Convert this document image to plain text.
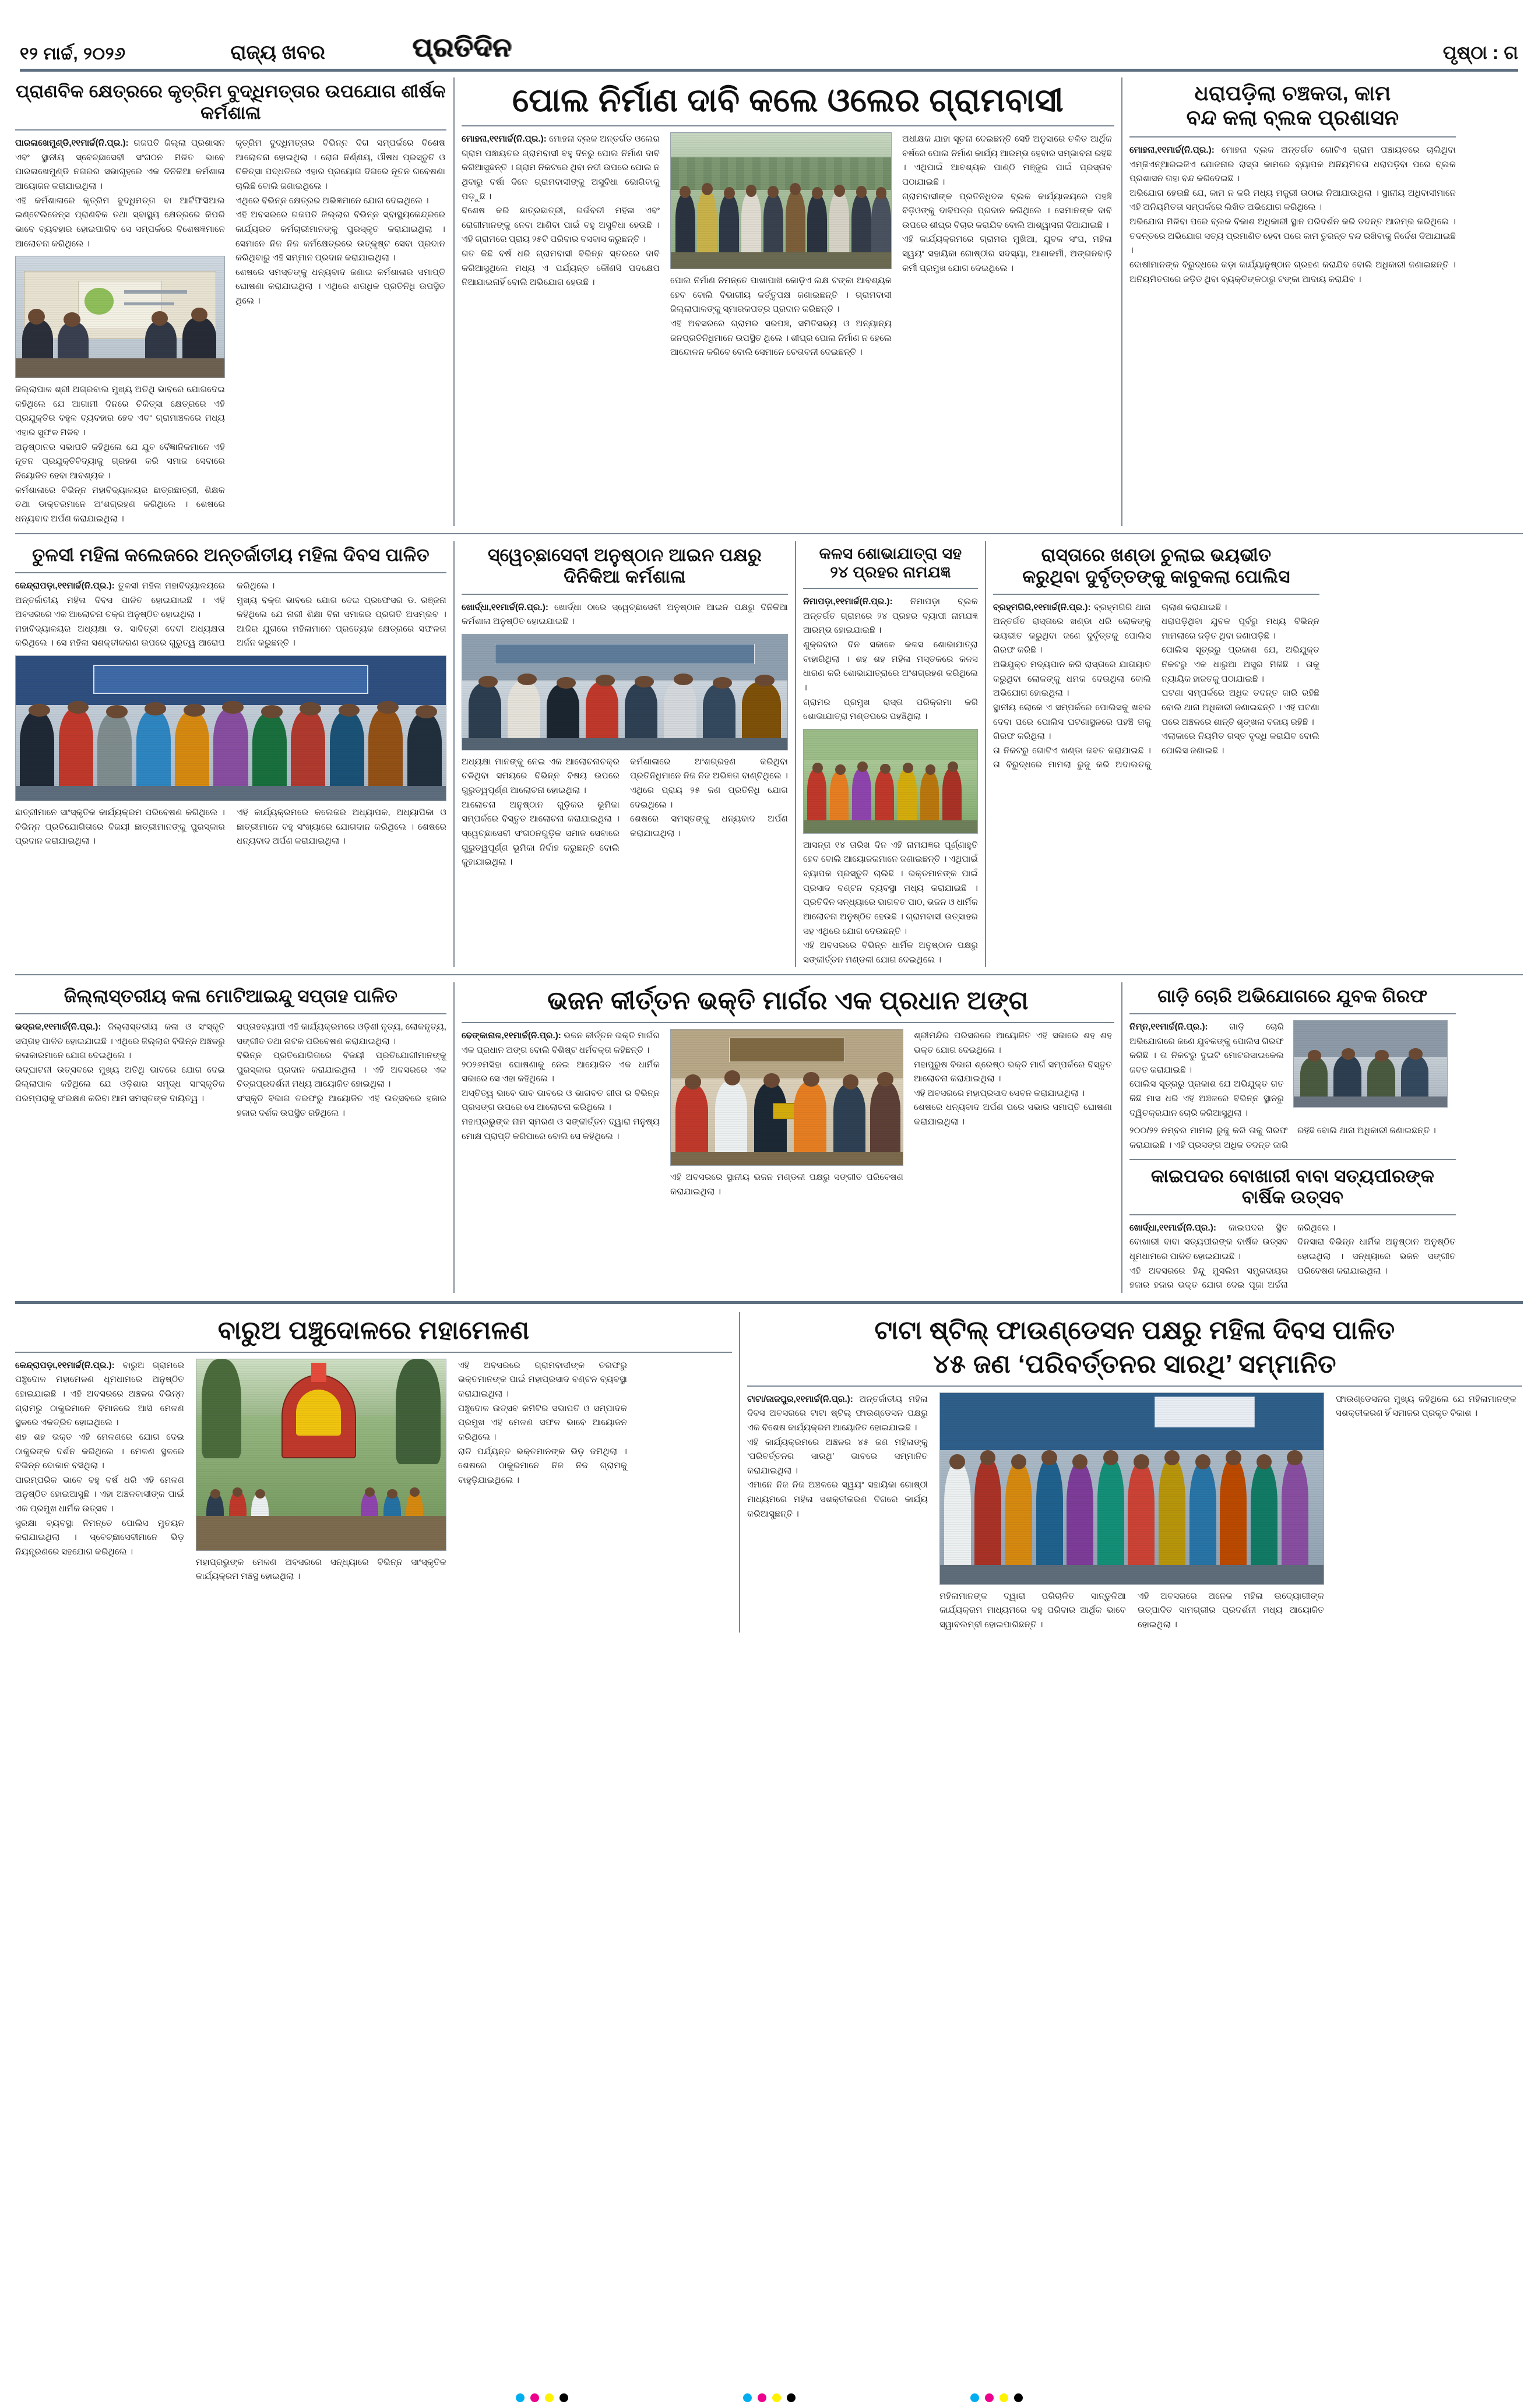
୧୨ ମାର୍ଚ୍ଚ, ୨୦୨୬	ରାଜ୍ୟ ଖବର	ପ୍ରତିଦିନ	ପୃଷ୍ଠା : ଗ
ପ୍ରାଣବିକ କ୍ଷେତ୍ରରେ କୃତ୍ରିମ ବୁଦ୍ଧିମତ୍ତାର ଉପଯୋଗ ଶୀର୍ଷକ କର୍ମଶାଳା

ପାରଳାଖେମୁଣ୍ଡି,୧୧ମାର୍ଚ୍ଚ(ନି.ପ୍ର.): ଗଜପତି ଜିଲ୍ଲା ପ୍ରଶାସନ ଏବଂ ସ୍ଥାନୀୟ ସ୍ବେଚ୍ଛାସେବୀ ସଂଗଠନ ମିଳିତ ଭାବେ ପାରଳାଖେମୁଣ୍ଡି ନଗରର ସଭାଗୃହରେ ଏକ ଦିନିକିଆ କର୍ମଶାଳା ଆୟୋଜନ କରାଯାଇଥିଲା ।

ଏହି କର୍ମଶାଳାରେ କୃତ୍ରିମ ବୁଦ୍ଧିମତ୍ତା ବା ଆର୍ଟିଫିସିଆଲ ଇଣ୍ଟେଲିଜେନ୍ସ ପ୍ରାଣବିକ ତଥା ସ୍ବାସ୍ଥ୍ୟ କ୍ଷେତ୍ରରେ କିପରି ଭାବେ ବ୍ୟବହାର ହୋଇପାରିବ ସେ ସମ୍ପର୍କରେ ବିଶେଷଜ୍ଞମାନେ ଆଲୋଚନା କରିଥିଲେ ।

ଜିଲ୍ଲାପାଳ ଶ୍ରୀ ଅଗ୍ରବାଲ ମୁଖ୍ୟ ଅତିଥି ଭାବରେ ଯୋଗଦେଇ କହିଥିଲେ ଯେ ଆଗାମୀ ଦିନରେ ଚିକିତ୍ସା କ୍ଷେତ୍ରରେ ଏହି ପ୍ରଯୁକ୍ତିର ବହୁଳ ବ୍ୟବହାର ହେବ ଏବଂ ଗ୍ରାମାଞ୍ଚଳରେ ମଧ୍ୟ ଏହାର ସୁଫଳ ମିଳିବ ।

ଅନୁଷ୍ଠାନର ସଭାପତି କହିଥିଲେ ଯେ ଯୁବ ବୈଜ୍ଞାନିକମାନେ ଏହି ନୂତନ ପ୍ରଯୁକ୍ତିବିଦ୍ୟାକୁ ଗ୍ରହଣ କରି ସମାଜ ସେବାରେ ନିୟୋଜିତ ହେବା ଆବଶ୍ୟକ ।

କର୍ମଶାଳାରେ ବିଭିନ୍ନ ମହାବିଦ୍ୟାଳୟର ଛାତ୍ରଛାତ୍ରୀ, ଶିକ୍ଷକ ତଥା ଡାକ୍ତରମାନେ ଅଂଶଗ୍ରହଣ କରିଥିଲେ । ଶେଷରେ ଧନ୍ୟବାଦ ଅର୍ପଣ କରାଯାଇଥିଲା ।

କୃତ୍ରିମ ବୁଦ୍ଧିମତ୍ତାର ବିଭିନ୍ନ ଦିଗ ସମ୍ପର୍କରେ ବିଶେଷ ଆଲୋଚନା ହୋଇଥିଲା । ରୋଗ ନିର୍ଣ୍ଣୟ, ଔଷଧ ପ୍ରସ୍ତୁତି ଓ ଚିକିତ୍ସା ପଦ୍ଧତିରେ ଏହାର ପ୍ରୟୋଗ ଦିଗରେ ନୂତନ ଗବେଷଣା ଚାଲିଛି ବୋଲି ଜଣାଇଥିଲେ ।

ଏଥିରେ ବିଭିନ୍ନ କ୍ଷେତ୍ରର ଅଭିଜ୍ଞମାନେ ଯୋଗ ଦେଇଥିଲେ ।

ଏହି ଅବସରରେ ଗଜପତି ଜିଲ୍ଲାର ବିଭିନ୍ନ ସ୍ବାସ୍ଥ୍ୟକେନ୍ଦ୍ରରେ କାର୍ଯ୍ୟରତ କର୍ମଚାରୀମାନଙ୍କୁ ପୁରସ୍କୃତ କରାଯାଇଥିଲା । ସେମାନେ ନିଜ ନିଜ କର୍ମକ୍ଷେତ୍ରରେ ଉତ୍କୃଷ୍ଟ ସେବା ପ୍ରଦାନ କରିଥିବାରୁ ଏହି ସମ୍ମାନ ପ୍ରଦାନ କରାଯାଇଥିଲା ।

ଶେଷରେ ସମସ୍ତଙ୍କୁ ଧନ୍ୟବାଦ ଜଣାଇ କର୍ମଶାଳାର ସମାପ୍ତି ଘୋଷଣା କରାଯାଇଥିଲା । ଏଥିରେ ଶତାଧିକ ପ୍ରତିନିଧି ଉପସ୍ଥିତ ଥିଲେ ।

ପୋଲ ନିର୍ମାଣ ଦାବି କଲେ ଓଲେର ଗ୍ରାମବାସୀ

ମୋହନା,୧୧ମାର୍ଚ୍ଚ(ନି.ପ୍ର.): ମୋହନା ବ୍ଲକ ଅନ୍ତର୍ଗତ ଓଲେର ଗ୍ରାମ ପଞ୍ଚାୟତର ଗ୍ରାମବାସୀ ବହୁ ଦିନରୁ ପୋଲ ନିର୍ମାଣ ଦାବି କରିଆସୁଛନ୍ତି । ଗ୍ରାମ ନିକଟରେ ଥିବା ନଦୀ ଉପରେ ପୋଲ ନ ଥିବାରୁ ବର୍ଷା ଦିନେ ଗ୍ରାମବାସୀଙ୍କୁ ଅସୁବିଧା ଭୋଗିବାକୁ ପଡ଼ୁଛି ।

ବିଶେଷ କରି ଛାତ୍ରଛାତ୍ରୀ, ଗର୍ଭବତୀ ମହିଳା ଏବଂ ରୋଗୀମାନଙ୍କୁ ନେବା ଆଣିବା ପାଇଁ ବହୁ ଅସୁବିଧା ହେଉଛି । ଏହି ଗ୍ରାମରେ ପ୍ରାୟ ୨୫ଟି ପରିବାର ବସବାସ କରୁଛନ୍ତି ।

ଗତ କିଛି ବର୍ଷ ଧରି ଗ୍ରାମବାସୀ ବିଭିନ୍ନ ସ୍ତରରେ ଦାବି କରିଆସୁଥିଲେ ମଧ୍ୟ ଏ ପର୍ଯ୍ୟନ୍ତ କୌଣସି ପଦକ୍ଷେପ ନିଆଯାଇନାହିଁ ବୋଲି ଅଭିଯୋଗ ହେଉଛି ।	ପୋଲ ନିର୍ମାଣ ନିମନ୍ତେ ପାଖାପାଖି କୋଡ଼ିଏ ଲକ୍ଷ ଟଙ୍କା ଆବଶ୍ୟକ ହେବ ବୋଲି ବିଭାଗୀୟ କର୍ତ୍ତୃପକ୍ଷ ଜଣାଇଛନ୍ତି । ଗ୍ରାମବାସୀ ଜିଲ୍ଲାପାଳଙ୍କୁ ସ୍ମାରକପତ୍ର ପ୍ରଦାନ କରିଛନ୍ତି ।

ଏହି ଅବସରରେ ଗ୍ରାମର ସରପଞ୍ଚ, ସମିତିସଭ୍ୟ ଓ ଅନ୍ୟାନ୍ୟ ଜନପ୍ରତିନିଧିମାନେ ଉପସ୍ଥିତ ଥିଲେ । ଶୀଘ୍ର ପୋଲ ନିର୍ମାଣ ନ ହେଲେ ଆନ୍ଦୋଳନ କରିବେ ବୋଲି ସେମାନେ ଚେତାବନୀ ଦେଇଛନ୍ତି ।

ଅଧୀକ୍ଷକ ଯାହା ସୂଚନା ଦେଇଛନ୍ତି ସେହି ଅନୁସାରେ ଚଳିତ ଆର୍ଥିକ ବର୍ଷରେ ପୋଲ ନିର୍ମାଣ କାର୍ଯ୍ୟ ଆରମ୍ଭ ହେବାର ସମ୍ଭାବନା ରହିଛି । ଏଥିପାଇଁ ଆବଶ୍ୟକ ପାଣ୍ଠି ମଞ୍ଜୁର ପାଇଁ ପ୍ରସ୍ତାବ ପଠାଯାଇଛି ।

ଗ୍ରାମବାସୀଙ୍କ ପ୍ରତିନିଧିଦଳ ବ୍ଲକ କାର୍ଯ୍ୟାଳୟରେ ପହଞ୍ଚି ବିଡ଼ିଓଙ୍କୁ ଦାବିପତ୍ର ପ୍ରଦାନ କରିଥିଲେ । ସେମାନଙ୍କ ଦାବି ଉପରେ ଶୀଘ୍ର ବିଚାର କରାଯିବ ବୋଲି ଆଶ୍ୱାସନା ଦିଆଯାଇଛି ।

ଏହି କାର୍ଯ୍ୟକ୍ରମରେ ଗ୍ରାମର ମୁଖିଆ, ଯୁବକ ସଂଘ, ମହିଳା ସ୍ୱୟଂ ସହାୟିକା ଗୋଷ୍ଠୀର ସଦସ୍ୟା, ଆଶାକର୍ମୀ, ଅଙ୍ଗନବାଡ଼ି କର୍ମୀ ପ୍ରମୁଖ ଯୋଗ ଦେଇଥିଲେ ।

ଧରାପଡ଼ିଲା ଚଞ୍ଚକତା, କାମ
ବନ୍ଦ କଲା ବ୍ଲକ ପ୍ରଶାସନ

ମୋହନା,୧୧ମାର୍ଚ୍ଚ(ନି.ପ୍ର.): ମୋହନା ବ୍ଲକ ଅନ୍ତର୍ଗତ ଗୋଟିଏ ଗ୍ରାମ ପଞ୍ଚାୟତରେ ଚାଲିଥିବା ଏମ୍‌ଜିଏନ୍‌ଆରଇଜିଏ ଯୋଜନାର ରାସ୍ତା କାମରେ ବ୍ୟାପକ ଅନିୟମିତତା ଧରାପଡ଼ିବା ପରେ ବ୍ଲକ ପ୍ରଶାସନ ତାହା ବନ୍ଦ କରିଦେଇଛି ।

ଅଭିଯୋଗ ହେଉଛି ଯେ, କାମ ନ କରି ମଧ୍ୟ ମଜୁରୀ ଉଠାଇ ନିଆଯାଉଥିଲା । ସ୍ଥାନୀୟ ଅଧିବାସୀମାନେ ଏହି ଅନିୟମିତତା ସମ୍ପର୍କରେ ଲିଖିତ ଅଭିଯୋଗ କରିଥିଲେ ।

ଅଭିଯୋଗ ମିଳିବା ପରେ ବ୍ଲକ ବିକାଶ ଅଧିକାରୀ ସ୍ଥାନ ପରିଦର୍ଶନ କରି ତଦନ୍ତ ଆରମ୍ଭ କରିଥିଲେ । ତଦନ୍ତରେ ଅଭିଯୋଗ ସତ୍ୟ ପ୍ରମାଣିତ ହେବା ପରେ କାମ ତୁରନ୍ତ ବନ୍ଦ ରଖିବାକୁ ନିର୍ଦ୍ଦେଶ ଦିଆଯାଇଛି ।

ଦୋଷୀମାନଙ୍କ ବିରୁଦ୍ଧରେ କଡ଼ା କାର୍ଯ୍ୟାନୁଷ୍ଠାନ ଗ୍ରହଣ କରାଯିବ ବୋଲି ଅଧିକାରୀ ଜଣାଇଛନ୍ତି । ଅନିୟମିତତାରେ ଜଡ଼ିତ ଥିବା ବ୍ୟକ୍ତିଙ୍କଠାରୁ ଟଙ୍କା ଆଦାୟ କରାଯିବ ।

ତୁଳସୀ ମହିଳା କଲେଜରେ ଅନ୍ତର୍ଜାତୀୟ ମହିଳା ଦିବସ ପାଳିତ

କେନ୍ଦ୍ରାପଡ଼ା,୧୧ମାର୍ଚ୍ଚ(ନି.ପ୍ର.): ତୁଳସୀ ମହିଳା ମହାବିଦ୍ୟାଳୟରେ ଅନ୍ତର୍ଜାତୀୟ ମହିଳା ଦିବସ ପାଳିତ ହୋଇଯାଇଛି । ଏହି ଅବସରରେ ଏକ ଆଲୋଚନା ଚକ୍ର ଅନୁଷ୍ଠିତ ହୋଇଥିଲା ।

ମହାବିଦ୍ୟାଳୟର ଅଧ୍ୟକ୍ଷା ଡ. ସାବିତ୍ରୀ ଦେବୀ ଅଧ୍ୟକ୍ଷତା କରିଥିଲେ । ସେ ମହିଳା ସଶକ୍ତୀକରଣ ଉପରେ ଗୁରୁତ୍ୱ ଆରୋପ କରିଥିଲେ ।

ମୁଖ୍ୟ ବକ୍ତା ଭାବରେ ଯୋଗ ଦେଇ ପ୍ରଫେସର ଡ. ରଞ୍ଜନା କହିଥିଲେ ଯେ ନାରୀ ଶିକ୍ଷା ବିନା ସମାଜର ପ୍ରଗତି ଅସମ୍ଭବ । ଆଜିର ଯୁଗରେ ମହିଳାମାନେ ପ୍ରତ୍ୟେକ କ୍ଷେତ୍ରରେ ସଫଳତା ଅର୍ଜନ କରୁଛନ୍ତି ।

ଛାତ୍ରୀମାନେ ସାଂସ୍କୃତିକ କାର୍ଯ୍ୟକ୍ରମ ପରିବେଷଣ କରିଥିଲେ । ବିଭିନ୍ନ ପ୍ରତିଯୋଗିତାରେ ବିଜୟୀ ଛାତ୍ରୀମାନଙ୍କୁ ପୁରସ୍କାର ପ୍ରଦାନ କରାଯାଇଥିଲା ।

ଏହି କାର୍ଯ୍ୟକ୍ରମରେ କଲେଜର ଅଧ୍ୟାପକ, ଅଧ୍ୟାପିକା ଓ ଛାତ୍ରୀମାନେ ବହୁ ସଂଖ୍ୟାରେ ଯୋଗଦାନ କରିଥିଲେ । ଶେଷରେ ଧନ୍ୟବାଦ ଅର୍ପଣ କରାଯାଇଥିଲା ।

ସ୍ୱେଚ୍ଛାସେବୀ ଅନୁଷ୍ଠାନ ଆଇନ ପକ୍ଷରୁ ଦିନିକିଆ କର୍ମଶାଳା

ଖୋର୍ଦ୍ଧା,୧୧ମାର୍ଚ୍ଚ(ନି.ପ୍ର.): ଖୋର୍ଦ୍ଧା ଠାରେ ସ୍ୱେଚ୍ଛାସେବୀ ଅନୁଷ୍ଠାନ ଆଇନ ପକ୍ଷରୁ ଦିନିକିଆ କର୍ମଶାଳା ଅନୁଷ୍ଠିତ ହୋଇଯାଇଛି ।

ଅଧ୍ୟକ୍ଷା ମାନଙ୍କୁ ନେଇ ଏକ ଆଲୋଚନାଚକ୍ର ଚଳିଥିବା ସମୟରେ ବିଭିନ୍ନ ବିଷୟ ଉପରେ ଗୁରୁତ୍ୱପୂର୍ଣ୍ଣ ଆଲୋଚନା ହୋଇଥିଲା ।

ଆଲୋଚନା ଅନୁଷ୍ଠାନ ଗୁଡ଼ିକର ଭୂମିକା ସମ୍ପର୍କରେ ବିସ୍ତୃତ ଆଲୋଚନା କରାଯାଇଥିଲା । ସ୍ୱେଚ୍ଛାସେବୀ ସଂଗଠନଗୁଡ଼ିକ ସମାଜ ସେବାରେ ଗୁରୁତ୍ୱପୂର୍ଣ୍ଣ ଭୂମିକା ନିର୍ବାହ କରୁଛନ୍ତି ବୋଲି କୁହାଯାଇଥିଲା ।

କର୍ମଶାଳାରେ ଅଂଶଗ୍ରହଣ କରିଥିବା ପ୍ରତିନିଧିମାନେ ନିଜ ନିଜ ଅଭିଜ୍ଞତା ବାଣ୍ଟିଥିଲେ । ଏଥିରେ ପ୍ରାୟ ୨୫ ଜଣ ପ୍ରତିନିଧି ଯୋଗ ଦେଇଥିଲେ ।

ଶେଷରେ ସମସ୍ତଙ୍କୁ ଧନ୍ୟବାଦ ଅର୍ପଣ କରାଯାଇଥିଲା ।

କଳସ ଶୋଭାଯାତ୍ରା ସହ
୨୪ ପ୍ରହର ନାମଯଜ୍ଞ

ନିମାପଡ଼ା,୧୧ମାର୍ଚ୍ଚ(ନି.ପ୍ର.): ନିମାପଡ଼ା ବ୍ଲକ ଅନ୍ତର୍ଗତ ଗ୍ରାମରେ ୨୪ ପ୍ରହର ବ୍ୟାପୀ ନାମଯଜ୍ଞ ଆରମ୍ଭ ହୋଇଯାଇଛି ।

ଶୁକ୍ରବାର ଦିନ ସକାଳେ କଳସ ଶୋଭାଯାତ୍ରା ବାହାରିଥିଲା । ଶହ ଶହ ମହିଳା ମସ୍ତକରେ କଳସ ଧାରଣ କରି ଶୋଭାଯାତ୍ରାରେ ଅଂଶଗ୍ରହଣ କରିଥିଲେ ।

ଗ୍ରାମର ପ୍ରମୁଖ ରାସ୍ତା ପରିକ୍ରମା କରି ଶୋଭାଯାତ୍ରା ମଣ୍ଡପରେ ପହଞ୍ଚିଥିଲା ।

ଆସନ୍ତା ୧୪ ତାରିଖ ଦିନ ଏହି ନାମଯଜ୍ଞର ପୂର୍ଣ୍ଣାହୁତି ହେବ ବୋଲି ଆୟୋଜକମାନେ ଜଣାଇଛନ୍ତି । ଏଥିପାଇଁ ବ୍ୟାପକ ପ୍ରସ୍ତୁତି ଚାଲିଛି । ଭକ୍ତମାନଙ୍କ ପାଇଁ ପ୍ରସାଦ ବଣ୍ଟନ ବ୍ୟବସ୍ଥା ମଧ୍ୟ କରାଯାଇଛି । ପ୍ରତିଦିନ ସନ୍ଧ୍ୟାରେ ଭାଗବତ ପାଠ, ଭଜନ ଓ ଧାର୍ମିକ ଆଲୋଚନା ଅନୁଷ୍ଠିତ ହେଉଛି । ଗ୍ରାମବାସୀ ଉତ୍ସାହର ସହ ଏଥିରେ ଯୋଗ ଦେଉଛନ୍ତି ।

ଏହି ଅବସରରେ ବିଭିନ୍ନ ଧାର୍ମିକ ଅନୁଷ୍ଠାନ ପକ୍ଷରୁ ସଙ୍କୀର୍ତ୍ତନ ମଣ୍ଡଳୀ ଯୋଗ ଦେଇଥିଲେ ।

ରାସ୍ତାରେ ଖଣ୍ଡା ଚୁଲାଇ ଭୟଭୀତ
କରୁଥିବା ଦୁର୍ବୃତ୍ତଙ୍କୁ କାବୁକଲା ପୋଲିସ

ବ୍ରହ୍ମଗିରି,୧୧ମାର୍ଚ୍ଚ(ନି.ପ୍ର.): ବ୍ରହ୍ମଗିରି ଥାନା ଅନ୍ତର୍ଗତ ରାସ୍ତାରେ ଖଣ୍ଡା ଧରି ଲୋକଙ୍କୁ ଭୟଭୀତ କରୁଥିବା ଜଣେ ଦୁର୍ବୃତ୍ତକୁ ପୋଲିସ ଗିରଫ କରିଛି ।

ଅଭିଯୁକ୍ତ ମଦ୍ୟପାନ କରି ରାସ୍ତାରେ ଯାତାୟାତ କରୁଥିବା ଲୋକଙ୍କୁ ଧମକ ଦେଉଥିଲା ବୋଲି ଅଭିଯୋଗ ହୋଇଥିଲା ।

ସ୍ଥାନୀୟ ଲୋକେ ଏ ସମ୍ପର୍କରେ ପୋଲିସକୁ ଖବର ଦେବା ପରେ ପୋଲିସ ଘଟଣାସ୍ଥଳରେ ପହଞ୍ଚି ତାକୁ ଗିରଫ କରିଥିଲା ।

ତା ନିକଟରୁ ଗୋଟିଏ ଖଣ୍ଡା ଜବତ କରାଯାଇଛି । ତା ବିରୁଦ୍ଧରେ ମାମଲା ରୁଜୁ କରି ଅଦାଲତକୁ ଚାଲାଣ କରାଯାଇଛି ।

ଧରାପଡ଼ିଥିବା ଯୁବକ ପୂର୍ବରୁ ମଧ୍ୟ ବିଭିନ୍ନ ମାମଲାରେ ଜଡ଼ିତ ଥିବା ଜଣାପଡ଼ିଛି ।

ପୋଲିସ ସୂତ୍ରରୁ ପ୍ରକାଶ ଯେ, ଅଭିଯୁକ୍ତ ନିକଟରୁ ଏକ ଧାରୁଆ ଅସ୍ତ୍ର ମିଳିଛି । ତାକୁ ନ୍ୟାୟିକ ହାଜତକୁ ପଠାଯାଇଛି ।

ଘଟଣା ସମ୍ପର୍କରେ ଅଧିକ ତଦନ୍ତ ଜାରି ରହିଛି ବୋଲି ଥାନା ଅଧିକାରୀ ଜଣାଇଛନ୍ତି । ଏହି ଘଟଣା ପରେ ଅଞ୍ଚଳରେ ଶାନ୍ତି ଶୃଙ୍ଖଳା ବଜାୟ ରହିଛି ।

ଏଲାକାରେ ନିୟମିତ ଗସ୍ତ ବୃଦ୍ଧି କରାଯିବ ବୋଲି ପୋଲିସ ଜଣାଇଛି ।

ଜିଲ୍ଲାସ୍ତରୀୟ କଳା ମୋଟିଆଇନ୍ଦୁ ସପ୍ତାହ ପାଳିତ

ଭଦ୍ରକ,୧୧ମାର୍ଚ୍ଚ(ନି.ପ୍ର.): ଜିଲ୍ଲାସ୍ତରୀୟ କଳା ଓ ସଂସ୍କୃତି ସପ୍ତାହ ପାଳିତ ହୋଇଯାଇଛି । ଏଥିରେ ଜିଲ୍ଲାର ବିଭିନ୍ନ ଅଞ୍ଚଳରୁ କଳାକାରମାନେ ଯୋଗ ଦେଇଥିଲେ ।

ଉଦ୍‌ଘାଟନୀ ଉତ୍ସବରେ ମୁଖ୍ୟ ଅତିଥି ଭାବରେ ଯୋଗ ଦେଇ ଜିଲ୍ଲାପାଳ କହିଥିଲେ ଯେ ଓଡ଼ିଶାର ସମୃଦ୍ଧ ସାଂସ୍କୃତିକ ପରମ୍ପରାକୁ ସଂରକ୍ଷଣ କରିବା ଆମ ସମସ୍ତଙ୍କ ଦାୟିତ୍ୱ ।

ସପ୍ତାହବ୍ୟାପୀ ଏହି କାର୍ଯ୍ୟକ୍ରମରେ ଓଡ଼ିଶୀ ନୃତ୍ୟ, ଲୋକନୃତ୍ୟ, ସଙ୍ଗୀତ ତଥା ନାଟକ ପରିବେଷଣ କରାଯାଇଥିଲା ।

ବିଭିନ୍ନ ପ୍ରତିଯୋଗିତାରେ ବିଜୟୀ ପ୍ରତିଯୋଗୀମାନଙ୍କୁ ପୁରସ୍କାର ପ୍ରଦାନ କରାଯାଇଥିଲା । ଏହି ଅବସରରେ ଏକ ଚିତ୍ରପ୍ରଦର୍ଶନୀ ମଧ୍ୟ ଆୟୋଜିତ ହୋଇଥିଲା ।

ସଂସ୍କୃତି ବିଭାଗ ତରଫରୁ ଆୟୋଜିତ ଏହି ଉତ୍ସବରେ ହଜାର ହଜାର ଦର୍ଶକ ଉପସ୍ଥିତ ରହିଥିଲେ ।

ଭଜନ କୀର୍ତ୍ତନ ଭକ୍ତି ମାର୍ଗର ଏକ ପ୍ରଧାନ ଅଙ୍ଗ

ଢେଙ୍କାନାଳ,୧୧ମାର୍ଚ୍ଚ(ନି.ପ୍ର.): ଭଜନ କୀର୍ତ୍ତନ ଭକ୍ତି ମାର୍ଗର ଏକ ପ୍ରଧାନ ଅଙ୍ଗ ବୋଲି ବିଶିଷ୍ଟ ଧର୍ମବକ୍ତା କହିଛନ୍ତି ।

୨୦୨୬ମସିହା ଘୋଷଣାକୁ ନେଇ ଆୟୋଜିତ ଏକ ଧାର୍ମିକ ସଭାରେ ସେ ଏହା କହିଥିଲେ ।

ଅସ୍ତିତ୍ୱ ଭାବେ ଭାବ ଭାବରେ ଓ ଭାଗବତ ଗୀତା ର ବିଭିନ୍ନ ପ୍ରସଙ୍ଗ ଉପରେ ସେ ଆଲୋଚନା କରିଥିଲେ ।

ମହାପ୍ରଭୁଙ୍କ ନାମ ସ୍ମରଣ ଓ ସଙ୍କୀର୍ତ୍ତନ ଦ୍ୱାରା ମନୁଷ୍ୟ ମୋକ୍ଷ ପ୍ରାପ୍ତି କରିପାରେ ବୋଲି ସେ କହିଥିଲେ ।

ଏହି ଅବସରରେ ସ୍ଥାନୀୟ ଭଜନ ମଣ୍ଡଳୀ ପକ୍ଷରୁ ସଙ୍ଗୀତ ପରିବେଷଣ କରାଯାଇଥିଲା ।

ଶ୍ରୀମନ୍ଦିର ପରିସରରେ ଆୟୋଜିତ ଏହି ସଭାରେ ଶହ ଶହ ଭକ୍ତ ଯୋଗ ଦେଇଥିଲେ ।

ମହାପୁରୁଷ ବିଭାଗ ଶ୍ରେଷ୍ଠ ଭକ୍ତି ମାର୍ଗ ସମ୍ପର୍କରେ ବିସ୍ତୃତ ଆଲୋଚନା କରାଯାଇଥିଲା ।

ଏହି ଅବସରରେ ମହାପ୍ରସାଦ ସେବନ କରାଯାଇଥିଲା ।

ଶେଷରେ ଧନ୍ୟବାଦ ଅର୍ପଣ ପରେ ସଭାର ସମାପ୍ତି ଘୋଷଣା କରାଯାଇଥିଲା ।

ଗାଡ଼ି ଚୋରି ଅଭିଯୋଗରେ ଯୁବକ ଗିରଫ

ନିମ୍ନ,୧୧ମାର୍ଚ୍ଚ(ନି.ପ୍ର.): ଗାଡ଼ି ଚୋରି ଅଭିଯୋଗରେ ଜଣେ ଯୁବକଙ୍କୁ ପୋଲିସ ଗିରଫ କରିଛି । ତା ନିକଟରୁ ଦୁଇଟି ମୋଟରସାଇକେଲ ଜବତ କରାଯାଇଛି ।

ପୋଲିସ ସୂତ୍ରରୁ ପ୍ରକାଶ ଯେ ଅଭିଯୁକ୍ତ ଗତ କିଛି ମାସ ଧରି ଏହି ଅଞ୍ଚଳରେ ବିଭିନ୍ନ ସ୍ଥାନରୁ ଦ୍ୱିଚକ୍ରଯାନ ଚୋରି କରିଆସୁଥିଲା ।

୨୦୦/୨୨ ନମ୍ବର ମାମଲା ରୁଜୁ କରି ତାକୁ ଗିରଫ କରାଯାଇଛି । ଏହି ପ୍ରସଙ୍ଗ ଅଧିକ ତଦନ୍ତ ଜାରି ରହିଛି ବୋଲି ଥାନା ଅଧିକାରୀ ଜଣାଇଛନ୍ତି ।

କାଇପଦର ବୋଖାରୀ ବାବା ସତ୍ୟପୀରଙ୍କ ବାର୍ଷିକ ଉତ୍ସବ

ଖୋର୍ଦ୍ଧା,୧୧ମାର୍ଚ୍ଚ(ନି.ପ୍ର.): କାଇପଦର ସ୍ଥିତ ବୋଖାରୀ ବାବା ସତ୍ୟପୀରଙ୍କ ବାର୍ଷିକ ଉତ୍ସବ ଧୂମଧାମରେ ପାଳିତ ହୋଇଯାଇଛି ।

ଏହି ଅବସରରେ ହିନ୍ଦୁ ମୁସଲିମ ସମ୍ପ୍ରଦାୟର ହଜାର ହଜାର ଭକ୍ତ ଯୋଗ ଦେଇ ପୂଜା ଅର୍ଚ୍ଚନା କରିଥିଲେ ।

ଦିନସାରା ବିଭିନ୍ନ ଧାର୍ମିକ ଅନୁଷ୍ଠାନ ଅନୁଷ୍ଠିତ ହୋଇଥିଲା । ସନ୍ଧ୍ୟାରେ ଭଜନ ସଙ୍ଗୀତ ପରିବେଷଣ କରାଯାଇଥିଲା ।

ବାରୁଅ ପଞ୍ଚୁଦୋଳରେ ମହାମେଳଣ

କେନ୍ଦ୍ରାପଡ଼ା,୧୧ମାର୍ଚ୍ଚ(ନି.ପ୍ର.): ବାରୁଅ ଗ୍ରାମରେ ପଞ୍ଚୁଦୋଳ ମହାମେଳଣ ଧୂମଧାମରେ ଅନୁଷ୍ଠିତ ହୋଇଯାଇଛି । ଏହି ଅବସରରେ ଅଞ୍ଚଳର ବିଭିନ୍ନ ଗ୍ରାମରୁ ଠାକୁରମାନେ ବିମାନରେ ଆସି ମେଳଣ ସ୍ଥଳରେ ଏକତ୍ରିତ ହୋଇଥିଲେ ।

ଶହ ଶହ ଭକ୍ତ ଏହି ମେଳଣରେ ଯୋଗ ଦେଇ ଠାକୁରଙ୍କ ଦର୍ଶନ କରିଥିଲେ । ମେଳଣ ସ୍ଥଳରେ ବିଭିନ୍ନ ଦୋକାନ ବସିଥିଲା ।

ପାରମ୍ପରିକ ଭାବେ ବହୁ ବର୍ଷ ଧରି ଏହି ମେଳଣ ଅନୁଷ୍ଠିତ ହୋଇଆସୁଛି । ଏହା ଅଞ୍ଚଳବାସୀଙ୍କ ପାଇଁ ଏକ ପ୍ରମୁଖ ଧାର୍ମିକ ଉତ୍ସବ ।

ସୁରକ୍ଷା ବ୍ୟବସ୍ଥା ନିମନ୍ତେ ପୋଲିସ ମୁତୟନ କରାଯାଇଥିଲା । ସ୍ବେଚ୍ଛାସେବୀମାନେ ଭିଡ଼ ନିୟନ୍ତ୍ରଣରେ ସହଯୋଗ କରିଥିଲେ ।

ମହାପ୍ରଭୁଙ୍କ ମେଳଣ ଅବସରରେ ସନ୍ଧ୍ୟାରେ ବିଭିନ୍ନ ସାଂସ୍କୃତିକ କାର୍ଯ୍ୟକ୍ରମ ମଞ୍ଚସ୍ଥ ହୋଇଥିଲା ।

ଏହି ଅବସରରେ ଗ୍ରାମବାସୀଙ୍କ ତରଫରୁ ଭକ୍ତମାନଙ୍କ ପାଇଁ ମହାପ୍ରସାଦ ବଣ୍ଟନ ବ୍ୟବସ୍ଥା କରାଯାଇଥିଲା ।

ପଞ୍ଚୁଦୋଳ ଉତ୍ସବ କମିଟିର ସଭାପତି ଓ ସମ୍ପାଦକ ପ୍ରମୁଖ ଏହି ମେଳଣ ସଫଳ ଭାବେ ଆୟୋଜନ କରିଥିଲେ ।

ରାତି ପର୍ଯ୍ୟନ୍ତ ଭକ୍ତମାନଙ୍କ ଭିଡ଼ ଜମିଥିଲା । ଶେଷରେ ଠାକୁରମାନେ ନିଜ ନିଜ ଗ୍ରାମକୁ ବାହୁଡ଼ିଯାଇଥିଲେ ।

ଟାଟା ଷ୍ଟିଲ୍ ଫାଉଣ୍ଡେସନ ପକ୍ଷରୁ ମହିଳା ଦିବସ ପାଳିତ
୪୫ ଜଣ ‘ପରିବର୍ତ୍ତନର ସାରଥି’ ସମ୍ମାନିତ

ଟାଟା/ଜାଜପୁର,୧୧ମାର୍ଚ୍ଚ(ନି.ପ୍ର.): ଅନ୍ତର୍ଜାତୀୟ ମହିଳା ଦିବସ ଅବସରରେ ଟାଟା ଷ୍ଟିଲ୍ ଫାଉଣ୍ଡେସନ ପକ୍ଷରୁ ଏକ ବିଶେଷ କାର୍ଯ୍ୟକ୍ରମ ଆୟୋଜିତ ହୋଇଯାଇଛି ।

ଏହି କାର୍ଯ୍ୟକ୍ରମରେ ଅଞ୍ଚଳର ୪୫ ଜଣ ମହିଳାଙ୍କୁ ‘ପରିବର୍ତ୍ତନର ସାରଥି’ ଭାବରେ ସମ୍ମାନିତ କରାଯାଇଥିଲା ।

ଏମାନେ ନିଜ ନିଜ ଅଞ୍ଚଳରେ ସ୍ୱୟଂ ସହାୟିକା ଗୋଷ୍ଠୀ ମାଧ୍ୟମରେ ମହିଳା ସଶକ୍ତୀକରଣ ଦିଗରେ କାର୍ଯ୍ୟ କରିଆସୁଛନ୍ତି ।

ମହିଳାମାନଙ୍କ ଦ୍ୱାରା ପରିଚାଳିତ ସାନ୍ତୁଳିଆ କାର୍ଯ୍ୟକ୍ରମ ମାଧ୍ୟମରେ ବହୁ ପରିବାର ଆର୍ଥିକ ଭାବେ ସ୍ୱାବଲମ୍ବୀ ହୋଇପାରିଛନ୍ତି ।

ଏହି ଅବସରରେ ଅନେକ ମହିଳା ଉଦ୍ୟୋଗୀଙ୍କ ଉତ୍ପାଦିତ ସାମଗ୍ରୀର ପ୍ରଦର୍ଶନୀ ମଧ୍ୟ ଆୟୋଜିତ ହୋଇଥିଲା ।

ଫାଉଣ୍ଡେସନର ମୁଖ୍ୟ କହିଥିଲେ ଯେ ମହିଳାମାନଙ୍କ ସଶକ୍ତୀକରଣ ହିଁ ସମାଜର ପ୍ରକୃତ ବିକାଶ ।
